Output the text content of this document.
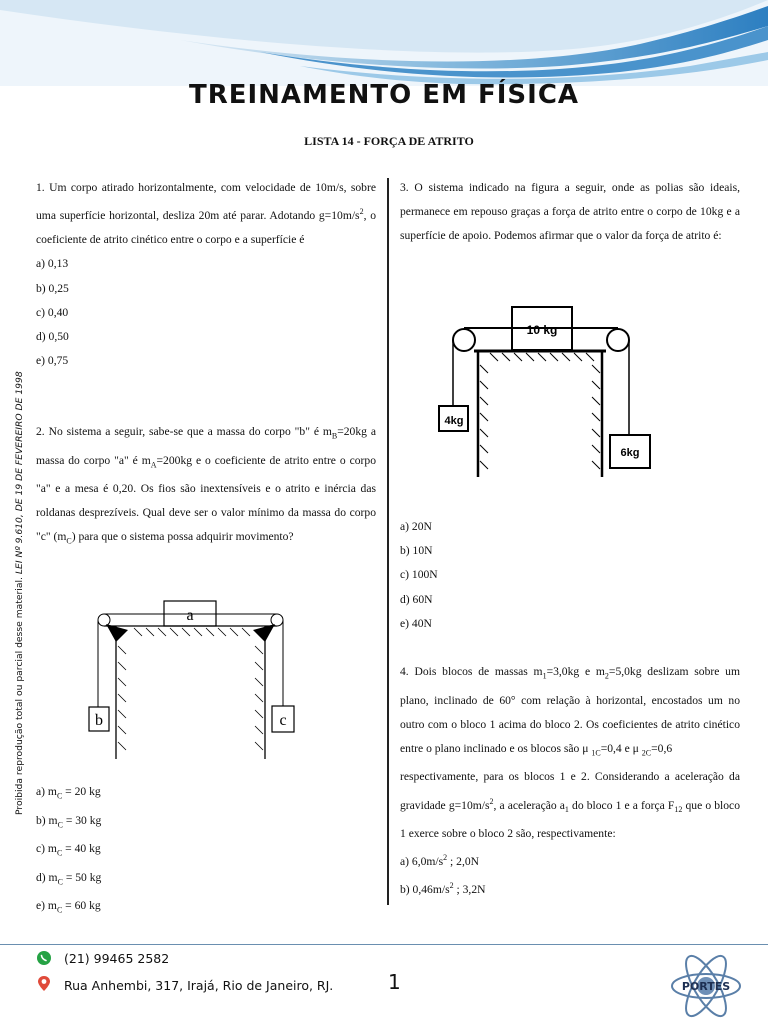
TREINAMENTO EM FÍSICA
LISTA 14 - FORÇA DE ATRITO
Proibida reprodução total ou parcial desse material. LEI Nº 9.610, DE 19 DE FEVEREIRO DE 1998

1. Um corpo atirado horizontalmente, com velocidade de 10m/s, sobre uma superfície horizontal, desliza 20m até parar. Adotando $g=10m/s^2$, o coeficiente de atrito cinético entre o corpo e a superfície é

a) 0,13
b) 0,25
c) 0,40
d) 0,50
e) 0,75

2. No sistema a seguir, sabe-se que a massa do corpo "b" é $m_B=20kg$ a massa do corpo "a" é $m_A=200kg$ e o coeficiente de atrito entre o corpo "a" e a mesa é 0,20. Os fios são inextensíveis e o atrito e inércia das roldanas desprezíveis. Qual deve ser o valor mínimo da massa do corpo "c" $(m_C)$ para que o sistema possa adquirir movimento?

a
b	c
a) $m_C = 20$ kg
b) $m_C = 30$ kg
c) $m_C = 40$ kg
d) $m_C = 50$ kg
e) $m_C = 60$ kg

3. O sistema indicado na figura a seguir, onde as polias são ideais, permanece em repouso graças a força de atrito entre o corpo de 10kg e a superfície de apoio. Podemos afirmar que o valor da força de atrito é:

10 kg
4kg
6kg
a) 20N
b) 10N
c) 100N
d) 60N
e) 40N

4. Dois blocos de massas $m_1=3,0kg$ e $m_2=5,0kg$ deslizam sobre um plano, inclinado de 60° com relação à horizontal, encostados um no outro com o bloco 1 acima do bloco 2. Os coeficientes de atrito cinético entre o plano inclinado e os blocos são μ $_{1C}$=0,4 e μ $_{2C}$=0,6

respectivamente, para os blocos 1 e 2. Considerando a aceleração da gravidade $g=10m/s^2$, a aceleração $a_1$ do bloco 1 e a força $F_{12}$ que o bloco 1 exerce sobre o bloco 2 são, respectivamente:

a) $6,0m/s^2$ ; 2,0N
b) $0,46m/s^2$ ; 3,2N
(21) 99465 2582
Rua Anhembi, 317, Irajá, Rio de Janeiro, RJ.	1	PORTES
